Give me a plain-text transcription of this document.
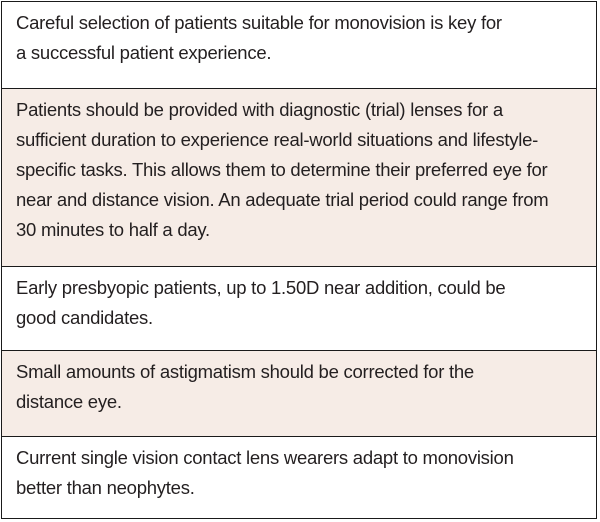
Careful selection of patients suitable for monovision is key for
a successful patient experience.
Patients should be provided with diagnostic (trial) lenses for a
sufficient duration to experience real-world situations and lifestyle-
specific tasks. This allows them to determine their preferred eye for
near and distance vision. An adequate trial period could range from
30 minutes to half a day.
Early presbyopic patients, up to 1.50D near addition, could be
good candidates.
Small amounts of astigmatism should be corrected for the
distance eye.
Current single vision contact lens wearers adapt to monovision
better than neophytes.
